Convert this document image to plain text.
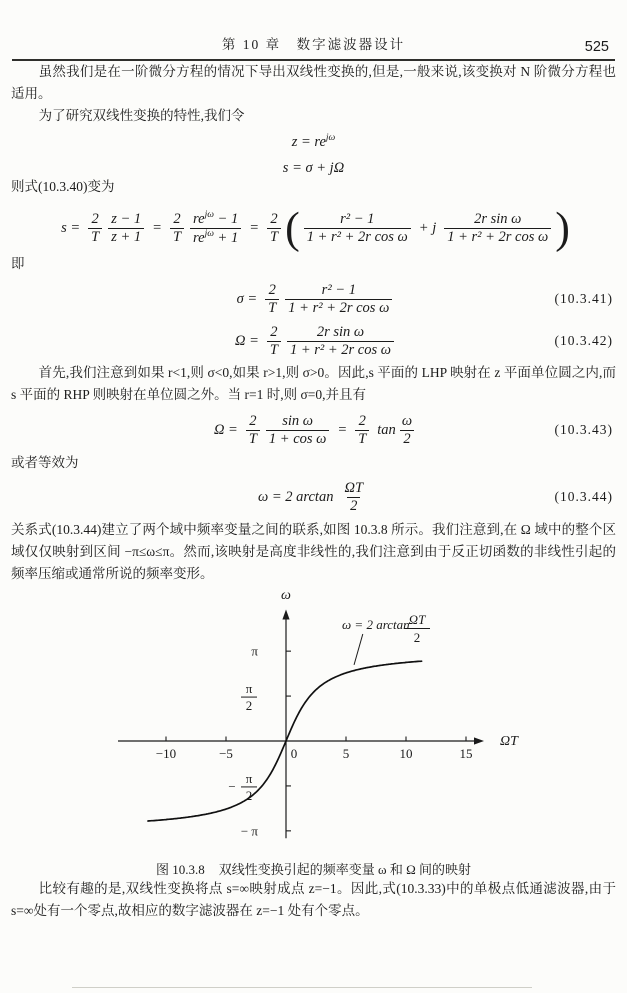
第 10 章　数字滤波器设计	525

虽然我们是在一阶微分方程的情况下导出双线性变换的,但是,一般来说,该变换对 N 阶微分方程也适用。

为了研究双线性变换的特性,我们令

$z = re^{j\omega}$
s = σ + jΩ

则式(10.3.40)变为

$s = \frac{2}{T} \frac{z - 1}{z + 1} = \frac{2}{T} \frac{re^{j\omega} - 1}{re^{j\omega} + 1} = \frac{2}{T}$ ( $\frac{\text{r² − 1}}{\text{1 + r² + 2r cos ω}} + j \frac{\text{2r sin ω}}{\text{1 + r² + 2r cos ω}}$ )

即

$\sigma = \frac{2}{T} \frac{\text{r² − 1}}{\text{1 + r² + 2r cos ω}}$	(10.3.41)
$\Omega = \frac{2}{T} \frac{\text{2r sin ω}}{\text{1 + r² + 2r cos ω}}$	(10.3.42)

首先,我们注意到如果 r<1,则 σ<0,如果 r>1,则 σ>0。因此,s 平面的 LHP 映射在 z 平面单位圆之内,而 s 平面的 RHP 则映射在单位圆之外。当 r=1 时,则 σ=0,并且有

$\Omega = \frac{2}{T} \frac{\text{sin ω}}{\text{1 + cos ω}} = \frac{2}{T}$ $\tan \frac{\omega}{2}$	(10.3.43)

或者等效为

ω = 2 $\arctan \frac{\Omega T}{2}$	(10.3.44)

关系式(10.3.44)建立了两个域中频率变量之间的联系,如图 10.3.8 所示。我们注意到,在 Ω 域中的整个区域仅仅映射到区间 −π≤ω≤π。然而,该映射是高度非线性的,我们注意到由于反正切函数的非线性引起的频率压缩或通常所说的频率变形。

ω
ΩT
−10	−5	0	5	10	15
π
π
2
π
2
−
− π
ω = 2 arctan ΩT
2
图 10.3.8 双线性变换引起的频率变量 ω 和 Ω 间的映射

比较有趣的是,双线性变换将点 s=∞映射成点 z=−1。因此,式(10.3.33)中的单极点低通滤波器,由于 s=∞处有一个零点,故相应的数字滤波器在 z=−1 处有个零点。
